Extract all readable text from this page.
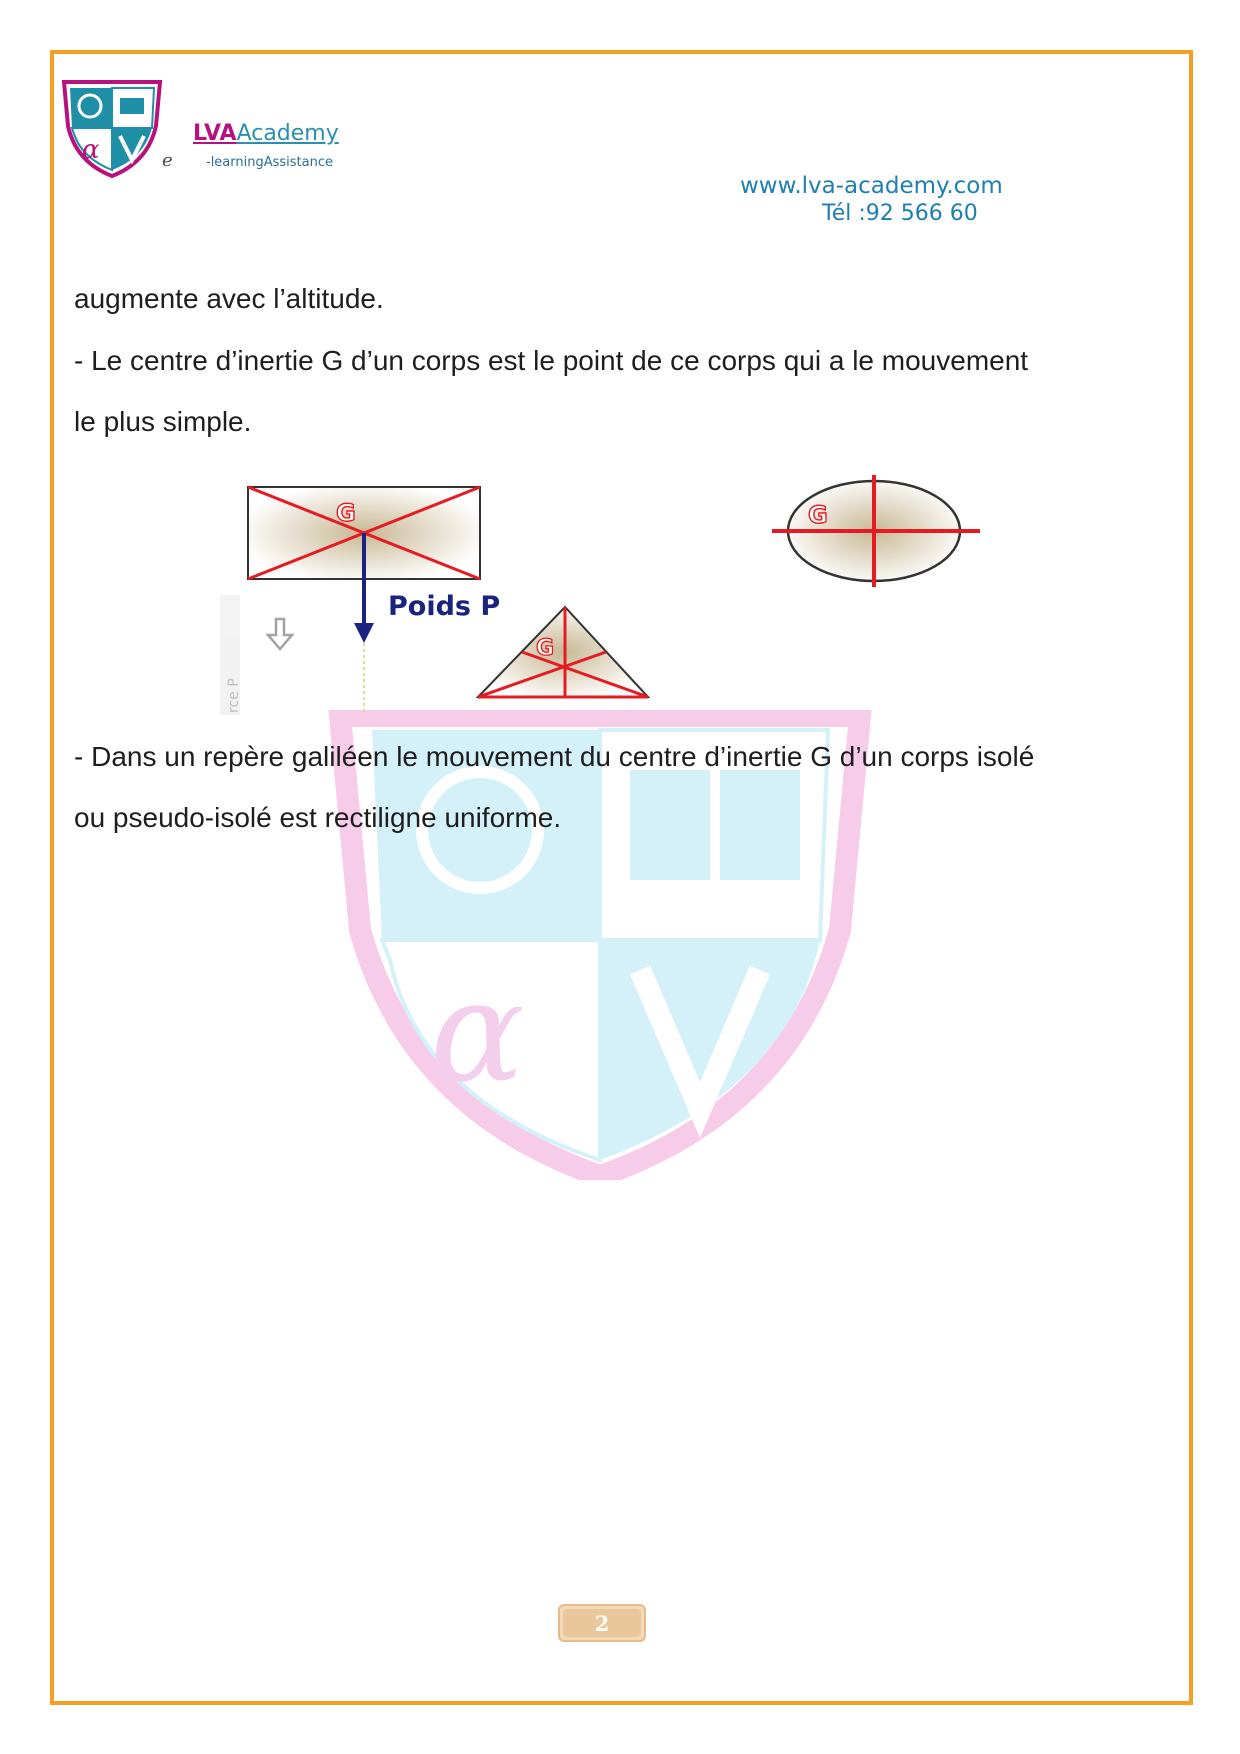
α
LVAAcademy
e	-learningAssistance
www.lva-academy.com
Tél :92 566 60
α
augmente avec l’altitude.
- Le centre d’inertie G d’un corps est le point de ce corps qui a le mouvement
le plus simple.
G
Poids P
rce P
G
G
- Dans un repère galiléen le mouvement du centre d’inertie G d’un corps isolé
ou pseudo-isolé est rectiligne uniforme.
2
